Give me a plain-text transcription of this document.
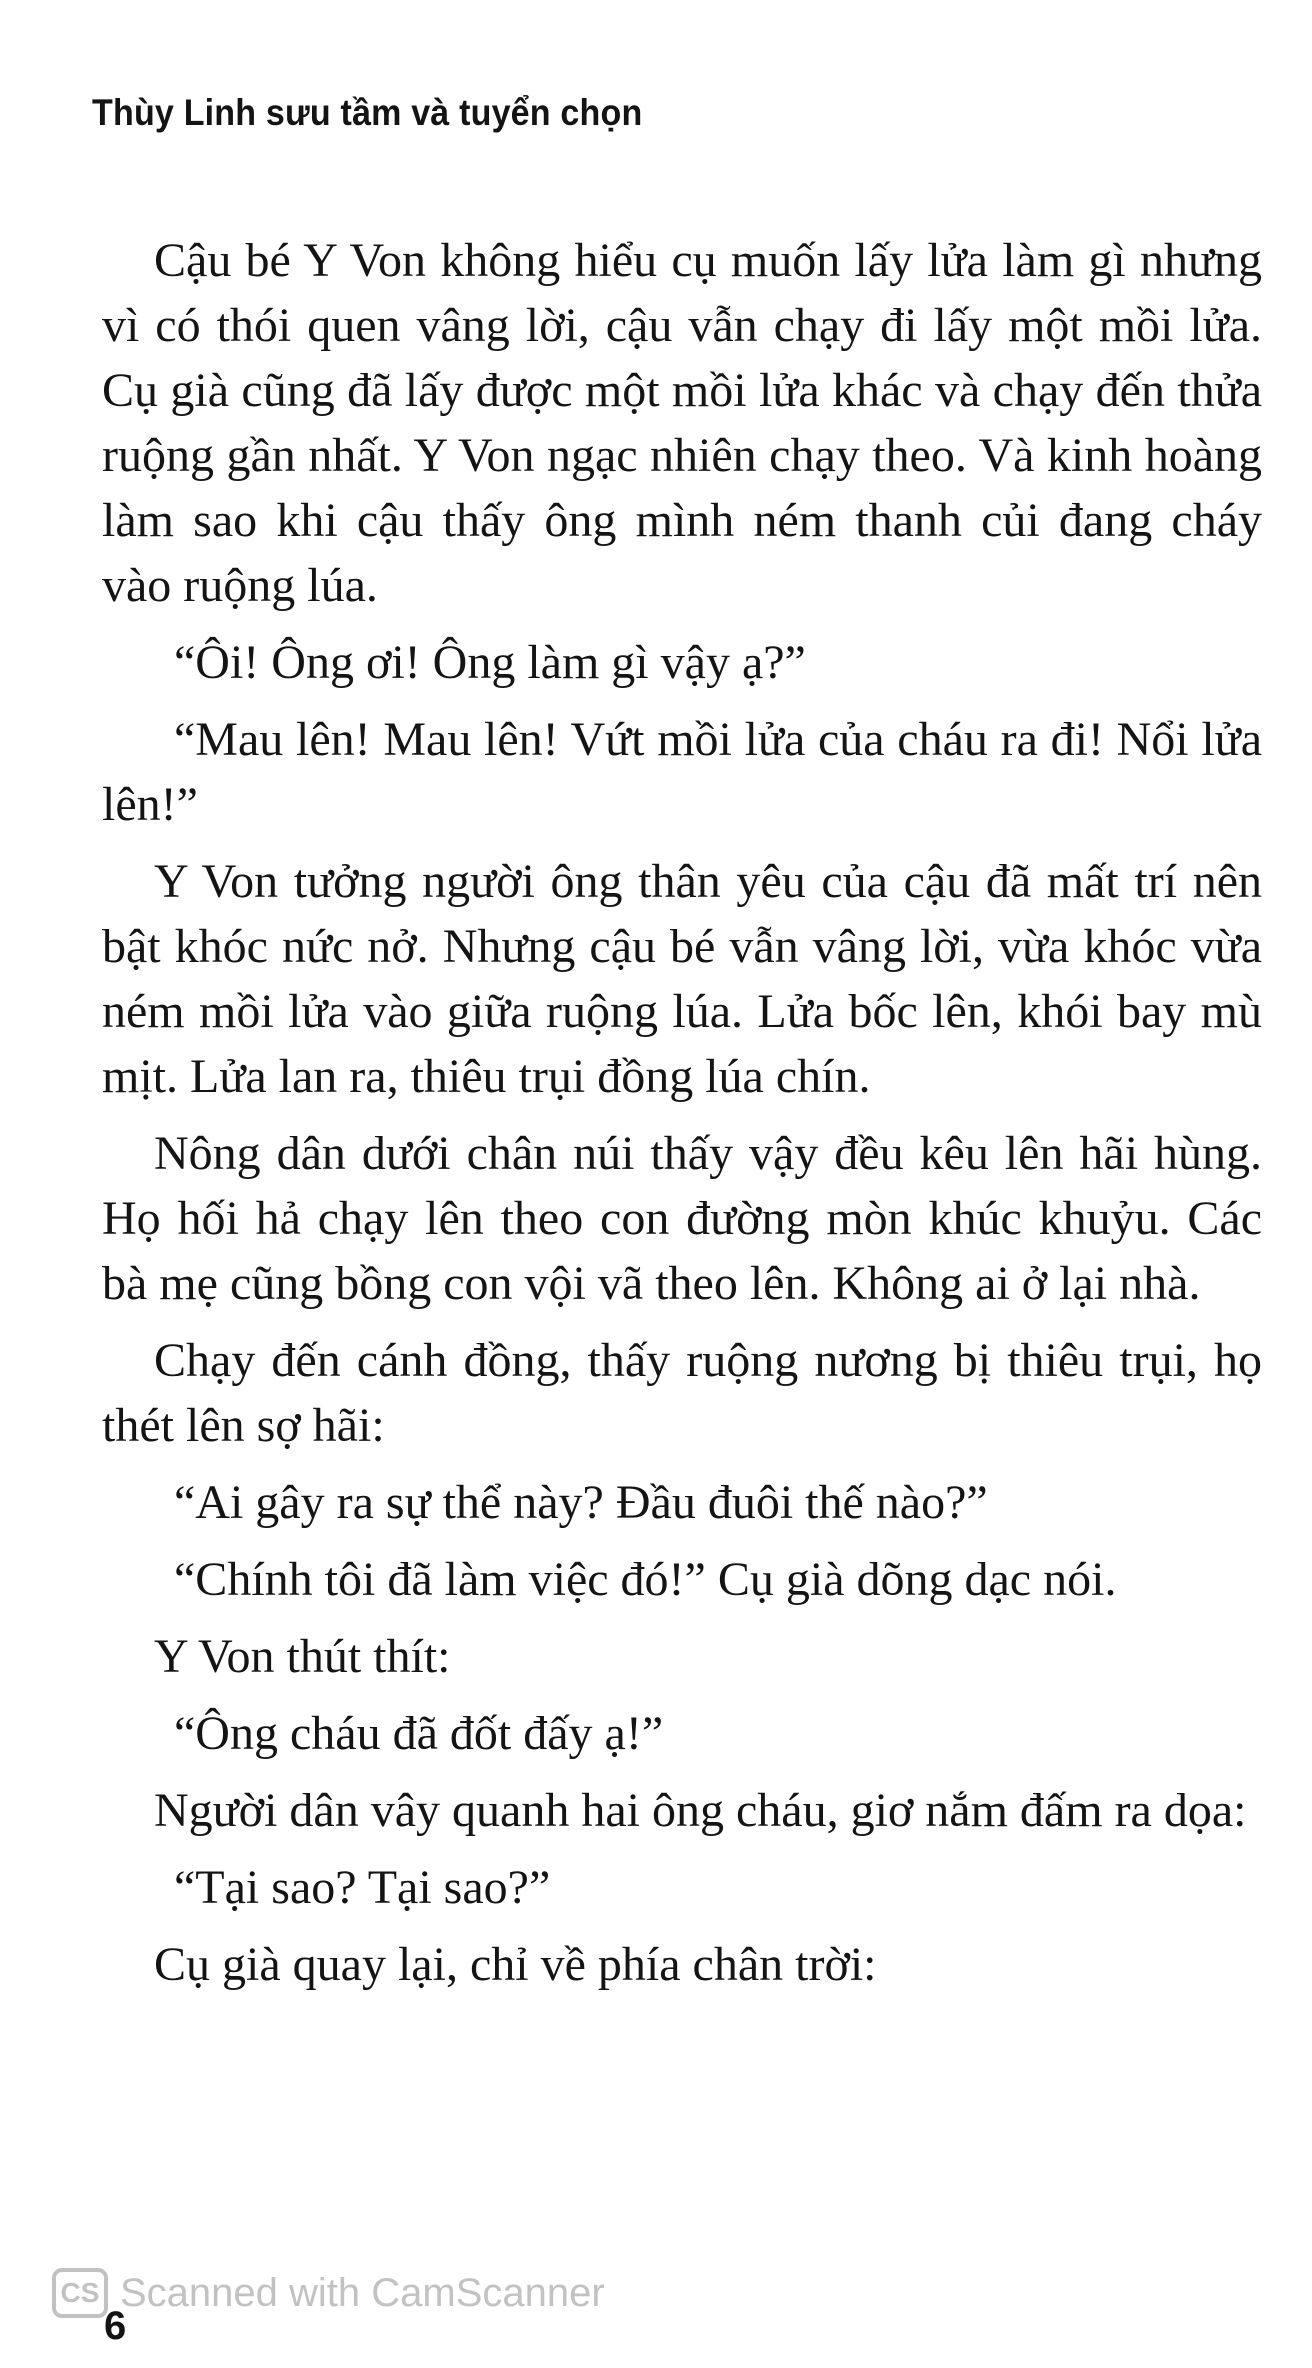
Thùy Linh sưu tầm và tuyển chọn

Cậu bé Y Von không hiểu cụ muốn lấy lửa làm gì nhưng vì có thói quen vâng lời, cậu vẫn chạy đi lấy một mồi lửa. Cụ già cũng đã lấy được một mồi lửa khác và chạy đến thửa ruộng gần nhất. Y Von ngạc nhiên chạy theo. Và kinh hoàng làm sao khi cậu thấy ông mình ném thanh củi đang cháy vào ruộng lúa.

“Ôi! Ông ơi! Ông làm gì vậy ạ?”

“Mau lên! Mau lên! Vứt mồi lửa của cháu ra đi! Nổi lửa lên!”

Y Von tưởng người ông thân yêu của cậu đã mất trí nên bật khóc nức nở. Nhưng cậu bé vẫn vâng lời, vừa khóc vừa ném mồi lửa vào giữa ruộng lúa. Lửa bốc lên, khói bay mù mịt. Lửa lan ra, thiêu trụi đồng lúa chín.

Nông dân dưới chân núi thấy vậy đều kêu lên hãi hùng. Họ hối hả chạy lên theo con đường mòn khúc khuỷu. Các bà mẹ cũng bồng con vội vã theo lên. Không ai ở lại nhà.

Chạy đến cánh đồng, thấy ruộng nương bị thiêu trụi, họ thét lên sợ hãi:

“Ai gây ra sự thể này? Đầu đuôi thế nào?”

“Chính tôi đã làm việc đó!” Cụ già dõng dạc nói.

Y Von thút thít:

“Ông cháu đã đốt đấy ạ!”

Người dân vây quanh hai ông cháu, giơ nắm đấm ra dọa:

“Tại sao? Tại sao?”

Cụ già quay lại, chỉ về phía chân trời:

CS Scanned with CamScanner
6
